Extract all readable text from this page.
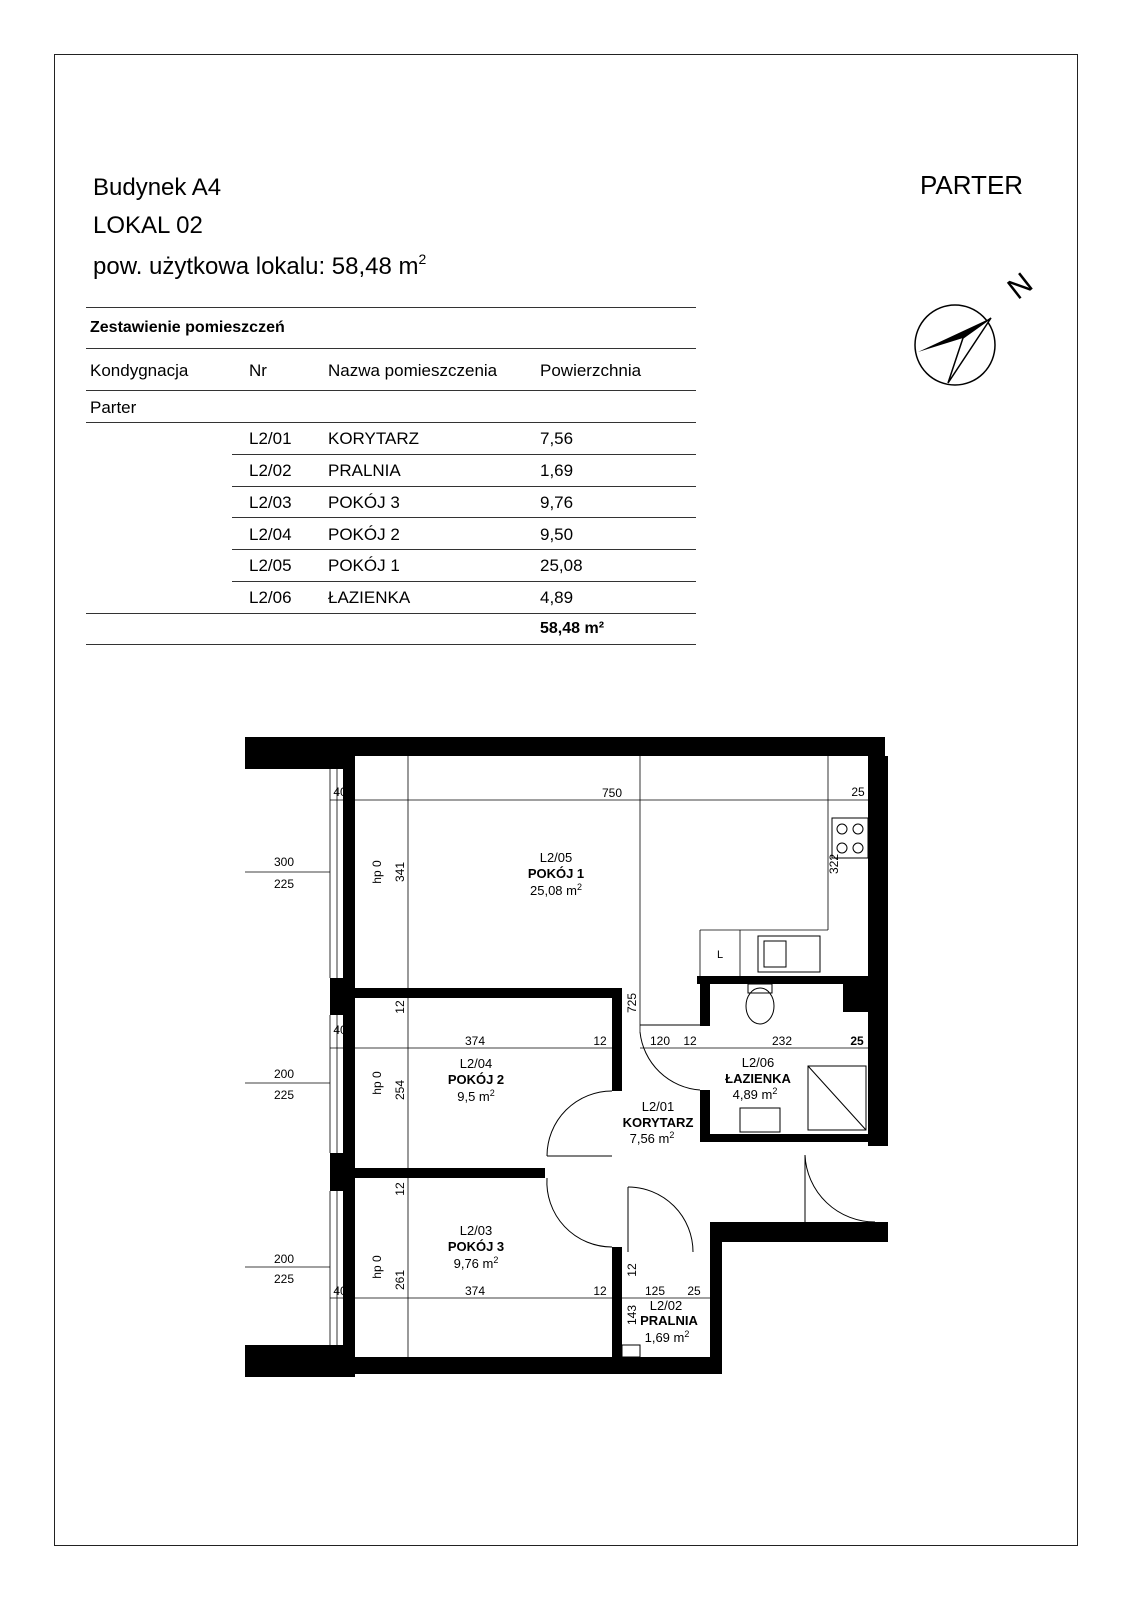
Budynek A4
LOKAL 02
pow. użytkowa lokalu: 58,48 $m^2$
PARTER
N
Zestawienie pomieszczeń
Kondygnacja	Nr	Nazwa pomieszczenia	Powierzchnia
Parter
L2/01 KORYTARZ	7,56
L2/02 PRALNIA	1,69
L2/03 POKÓJ 3	9,76
L2/04 POKÓJ 2	9,50
L2/05 POKÓJ 1	25,08
L2/06 ŁAZIENKA	4,89
58,48 m²
40	750	25
322
hp 0 341
725
12
40
374	12	120 12	232	25
hp 0 254
12
hp 0
261
40	374	12
12
125 25
143
L
300
225
200
225
200
225
L2/05
POKÓJ 1
25,08 $m^2$
L2/04
POKÓJ 2
9,5 $m^2$
L2/03
POKÓJ 3
9,76 $m^2$
L2/01
KORYTARZ
7,56 $m^2$
L2/06
ŁAZIENKA
4,89 $m^2$
L2/02
PRALNIA
1,69 $m^2$
